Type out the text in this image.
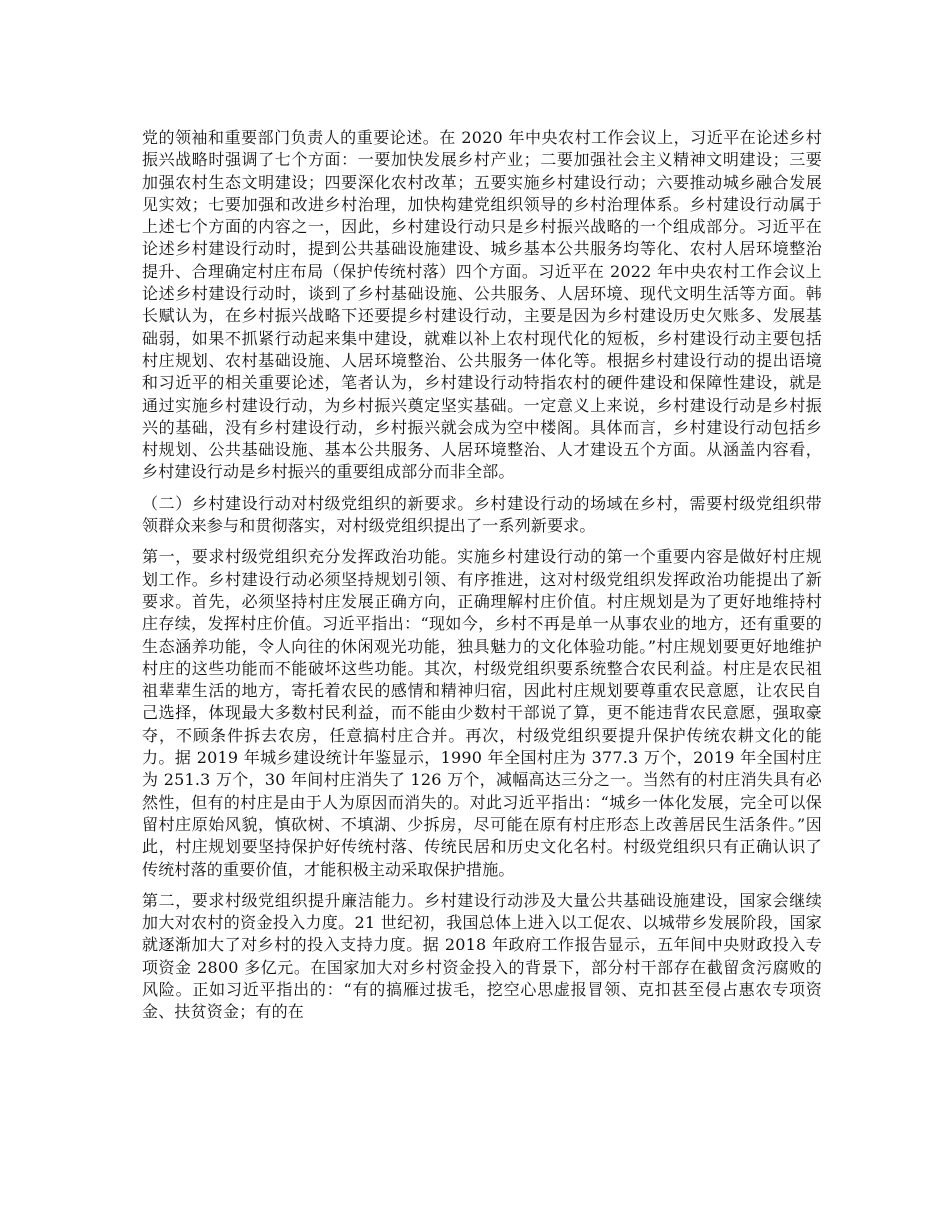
党的领袖和重要部门负责人的重要论述。在 2020 年中央农村工作会议上，习近平在论述乡村振兴战略时强调了七个方面：一要加快发展乡村产业；二要加强社会主义精神文明建设；三要加强农村生态文明建设；四要深化农村改革；五要实施乡村建设行动；六要推动城乡融合发展见实效；七要加强和改进乡村治理，加快构建党组织领导的乡村治理体系。乡村建设行动属于上述七个方面的内容之一，因此，乡村建设行动只是乡村振兴战略的一个组成部分。习近平在论述乡村建设行动时，提到公共基础设施建设、城乡基本公共服务均等化、农村人居环境整治提升、合理确定村庄布局（保护传统村落）四个方面。习近平在 2022 年中央农村工作会议上论述乡村建设行动时，谈到了乡村基础设施、公共服务、人居环境、现代文明生活等方面。韩长赋认为，在乡村振兴战略下还要提乡村建设行动，主要是因为乡村建设历史欠账多、发展基础弱，如果不抓紧行动起来集中建设，就难以补上农村现代化的短板，乡村建设行动主要包括村庄规划、农村基础设施、人居环境整治、公共服务一体化等。根据乡村建设行动的提出语境和习近平的相关重要论述，笔者认为，乡村建设行动特指农村的硬件建设和保障性建设，就是通过实施乡村建设行动，为乡村振兴奠定坚实基础。一定意义上来说，乡村建设行动是乡村振兴的基础，没有乡村建设行动，乡村振兴就会成为空中楼阁。具体而言，乡村建设行动包括乡村规划、公共基础设施、基本公共服务、人居环境整治、人才建设五个方面。从涵盖内容看，乡村建设行动是乡村振兴的重要组成部分而非全部。

（二）乡村建设行动对村级党组织的新要求。乡村建设行动的场域在乡村，需要村级党组织带领群众来参与和贯彻落实，对村级党组织提出了一系列新要求。

第一，要求村级党组织充分发挥政治功能。实施乡村建设行动的第一个重要内容是做好村庄规划工作。乡村建设行动必须坚持规划引领、有序推进，这对村级党组织发挥政治功能提出了新要求。首先，必须坚持村庄发展正确方向，正确理解村庄价值。村庄规划是为了更好地维持村庄存续，发挥村庄价值。习近平指出：“现如今，乡村不再是单一从事农业的地方，还有重要的生态涵养功能，令人向往的休闲观光功能，独具魅力的文化体验功能。”村庄规划要更好地维护村庄的这些功能而不能破坏这些功能。其次，村级党组织要系统整合农民利益。村庄是农民祖祖辈辈生活的地方，寄托着农民的感情和精神归宿，因此村庄规划要尊重农民意愿，让农民自己选择，体现最大多数村民利益，而不能由少数村干部说了算，更不能违背农民意愿，强取豪夺，不顾条件拆去农房，任意搞村庄合并。再次，村级党组织要提升保护传统农耕文化的能力。据 2019 年城乡建设统计年鉴显示，1990 年全国村庄为 377.3 万个，2019 年全国村庄为 251.3 万个，30 年间村庄消失了 126 万个，减幅高达三分之一。当然有的村庄消失具有必然性，但有的村庄是由于人为原因而消失的。对此习近平指出：“城乡一体化发展，完全可以保留村庄原始风貌，慎砍树、不填湖、少拆房，尽可能在原有村庄形态上改善居民生活条件。”因此，村庄规划要坚持保护好传统村落、传统民居和历史文化名村。村级党组织只有正确认识了传统村落的重要价值，才能积极主动采取保护措施。

第二，要求村级党组织提升廉洁能力。乡村建设行动涉及大量公共基础设施建设，国家会继续加大对农村的资金投入力度。21 世纪初，我国总体上进入以工促农、以城带乡发展阶段，国家就逐渐加大了对乡村的投入支持力度。据 2018 年政府工作报告显示，五年间中央财政投入专项资金 2800 多亿元。在国家加大对乡村资金投入的背景下，部分村干部存在截留贪污腐败的风险。正如习近平指出的：“有的搞雁过拔毛，挖空心思虚报冒领、克扣甚至侵占惠农专项资金、扶贫资金；有的在
